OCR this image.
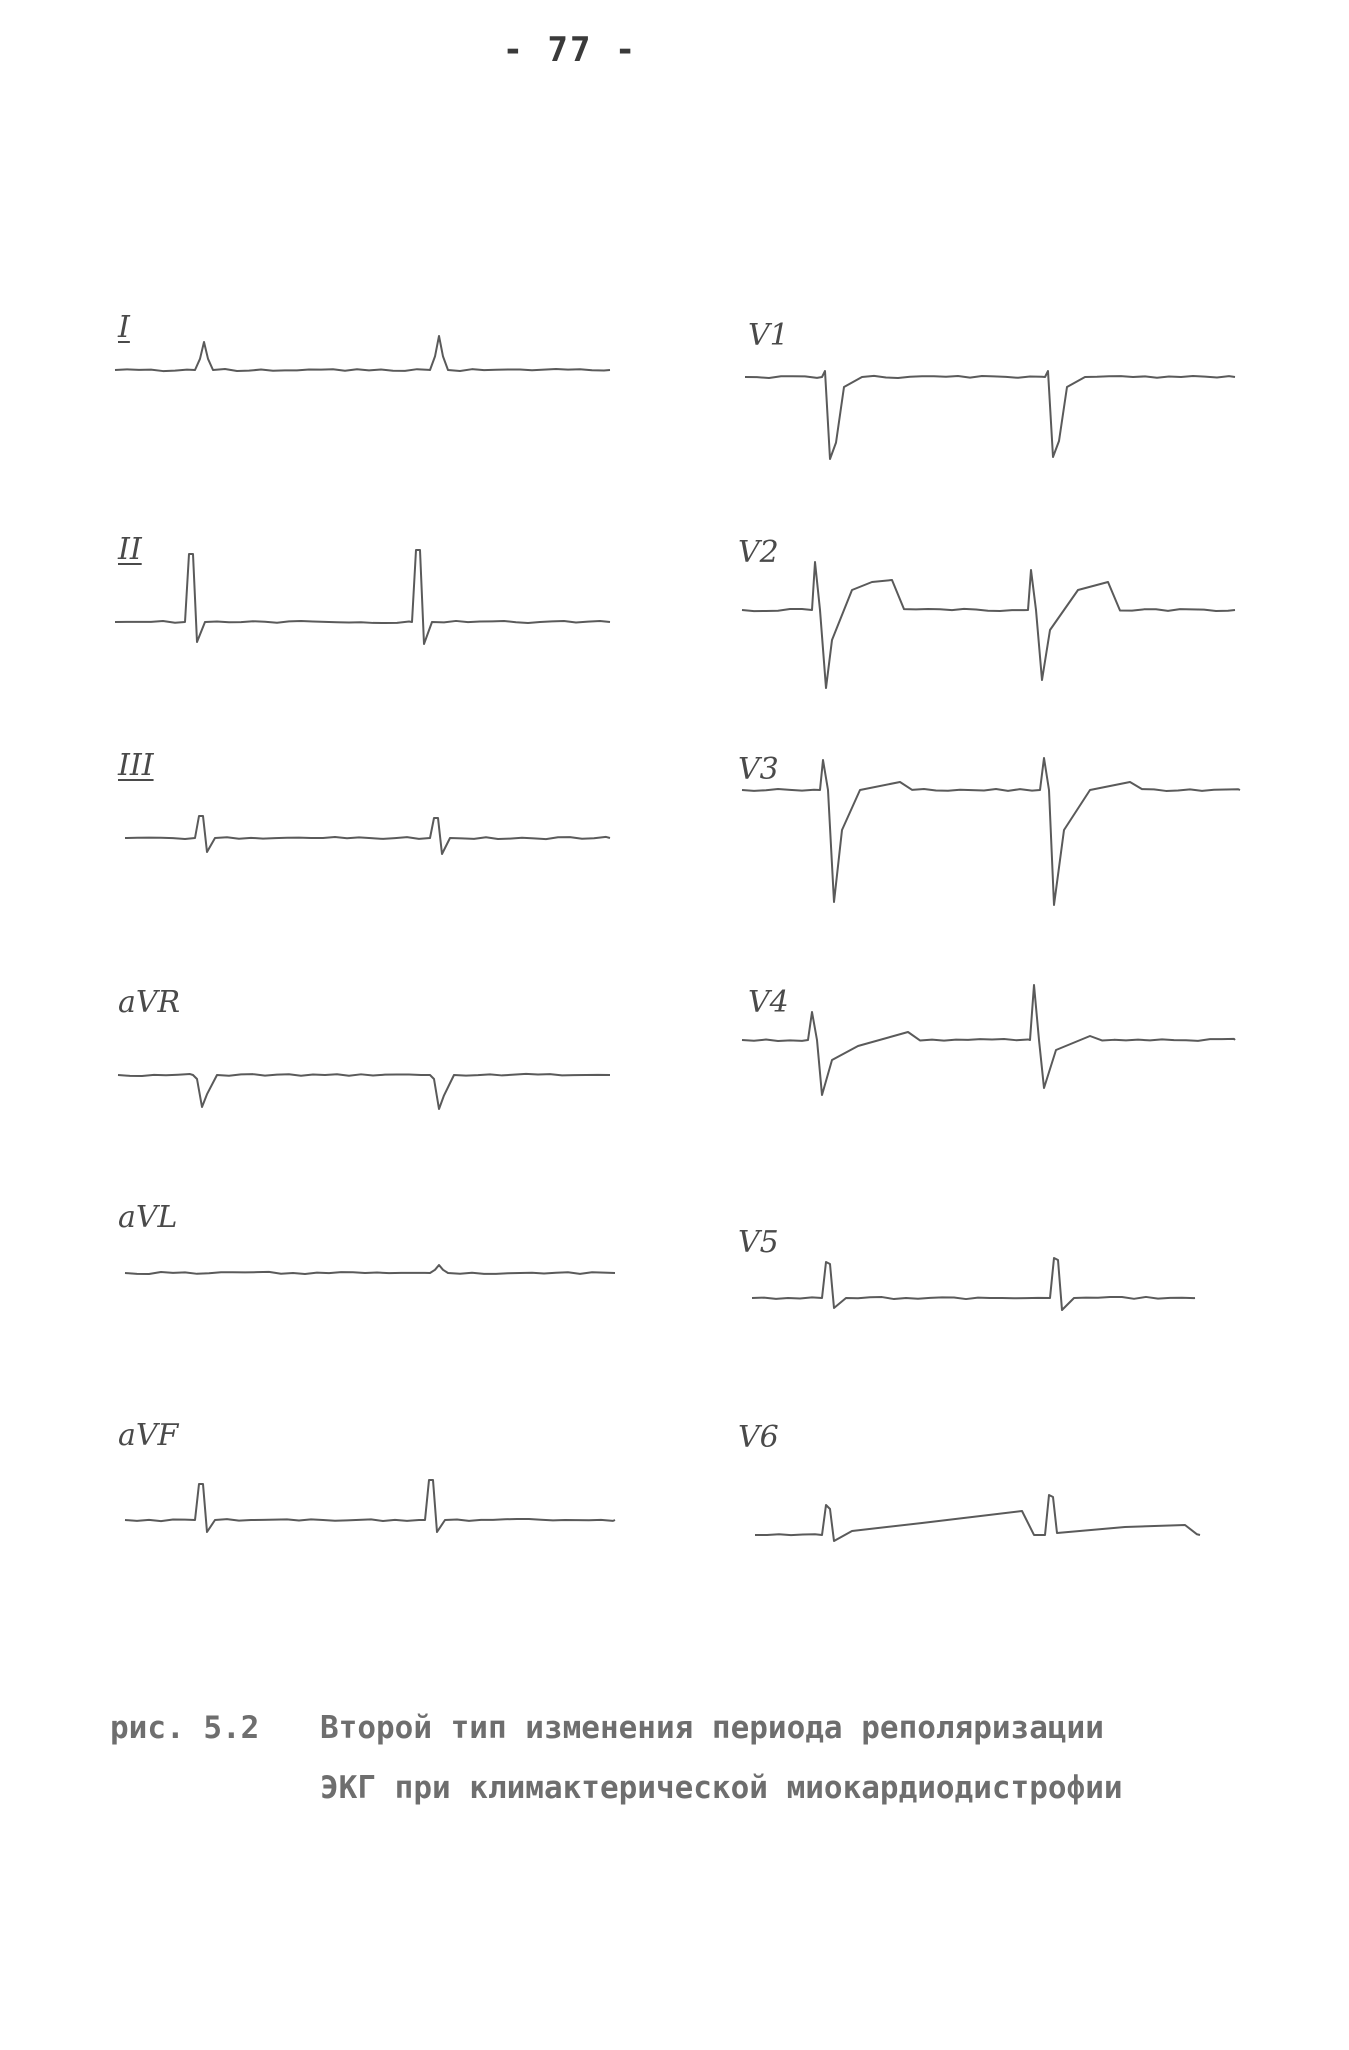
- 77 -
I
II
III
aVR
aVL
aVF
V1
V2
V3
V4
V5
V6
рис. 5.2 Второй тип изменения периода реполяризации
ЭКГ при климактерической миокардиодистрофии
